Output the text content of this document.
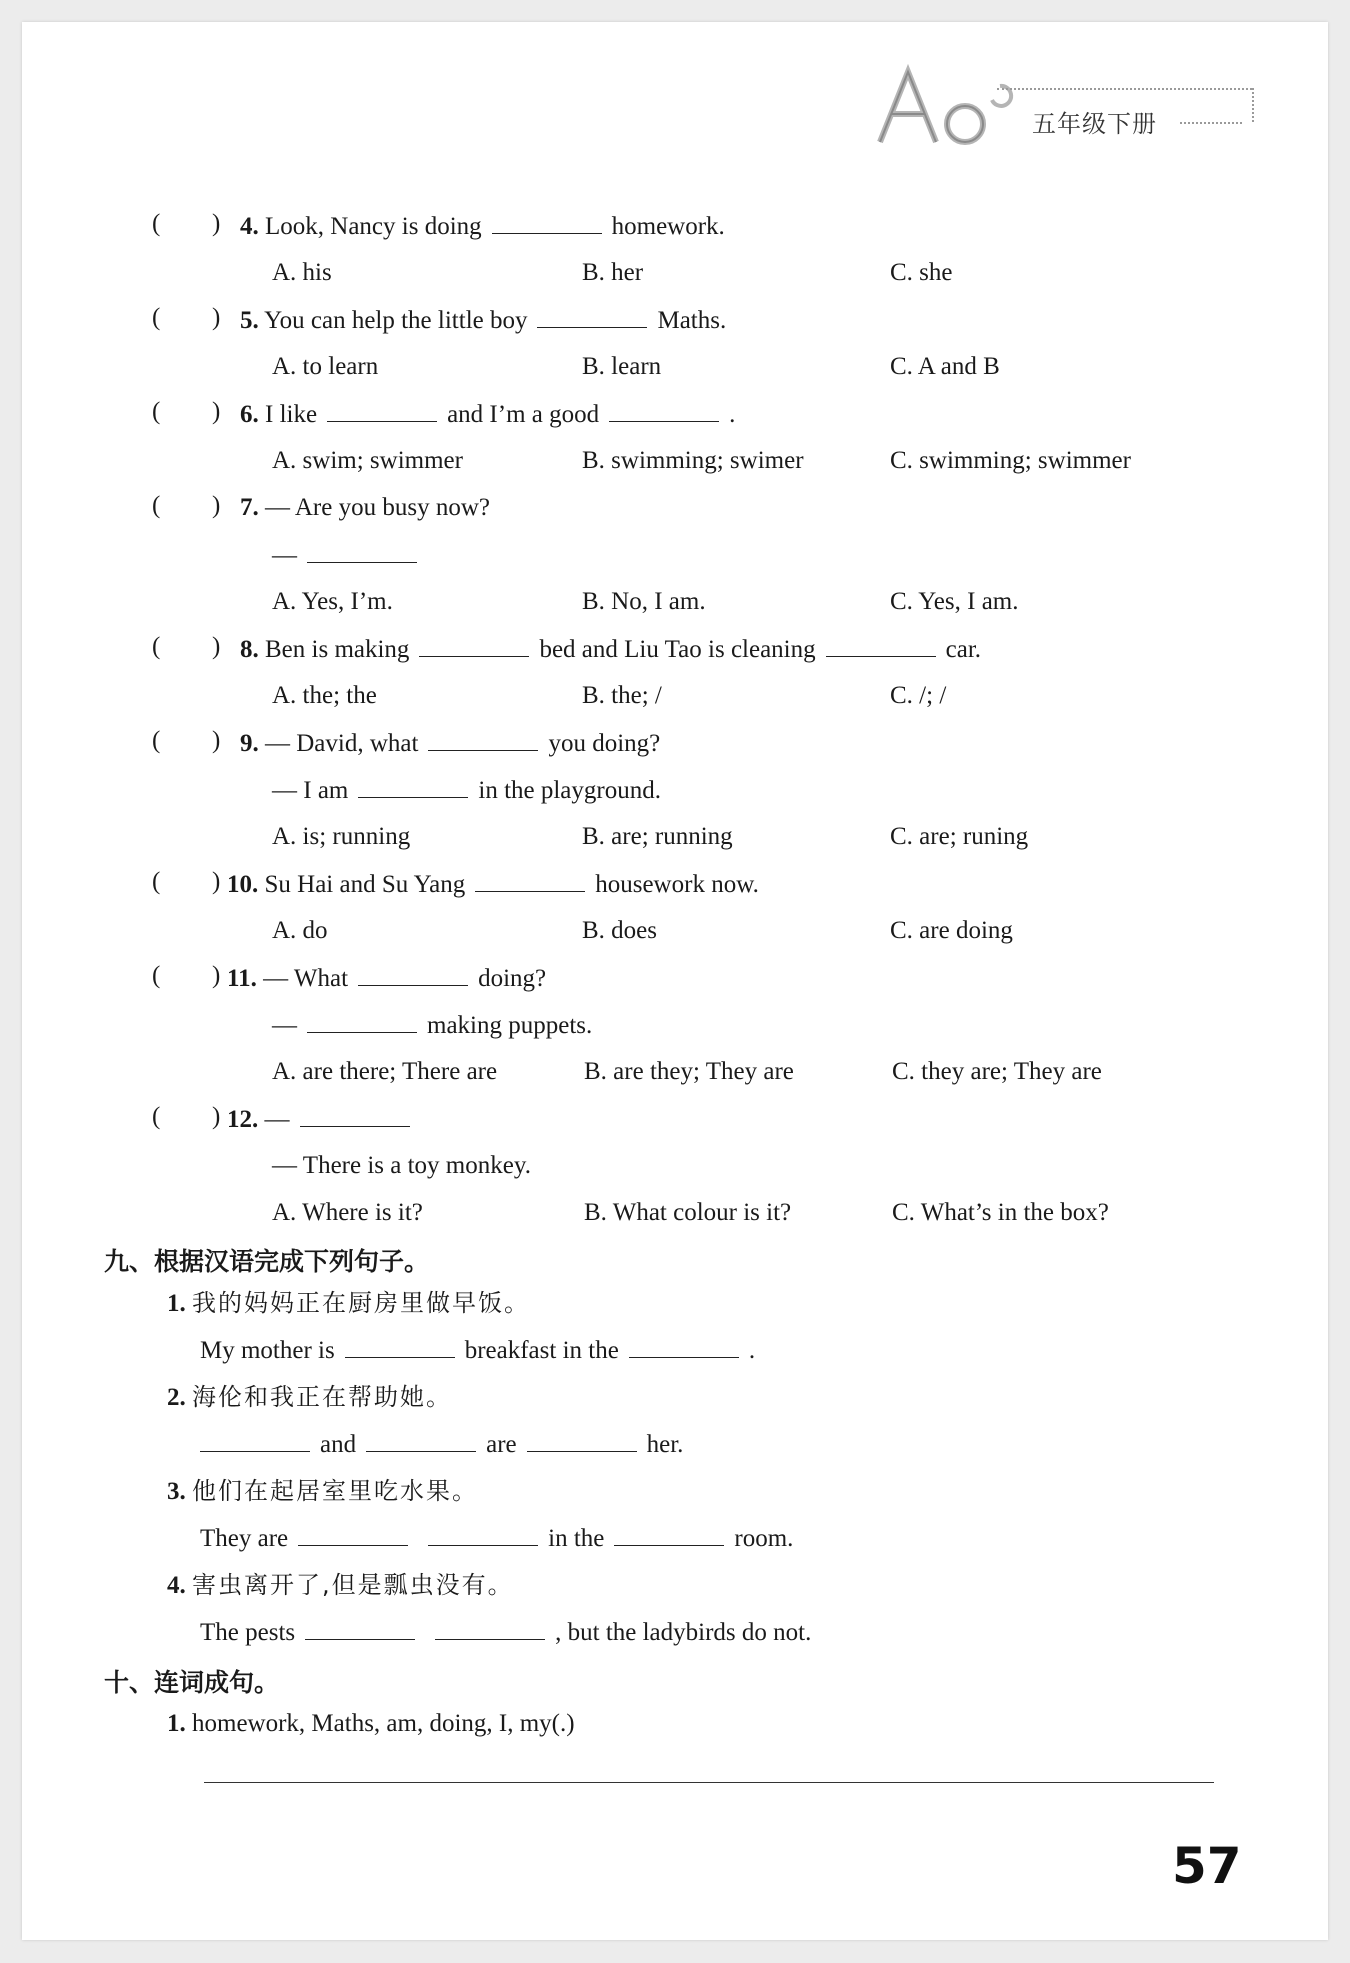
五年级下册
( ) 4. Look, Nancy is doing	homework.
A. his	B. her	C. she
( ) 5. You can help the little boy	Maths.
A. to learn	B. learn	C. A and B
( ) 6. I like	and I’m a good	.
A. swim; swimmer	B. swimming; swimer	C. swimming; swimmer
( ) 7. — Are you busy now?
—
A. Yes, I’m.	B. No, I am.	C. Yes, I am.
( ) 8. Ben is making	bed and Liu Tao is cleaning	car.
A. the; the	B. the; /	C. /; /
( ) 9. — David, what	you doing?
— I am	in the playground.
A. is; running	B. are; running	C. are; runing
( ) 10. Su Hai and Su Yang	housework now.
A. do	B. does	C. are doing
( ) 11. — What	doing?
—	making puppets.
A. are there; There are	B. are they; They are	C. they are; They are
( ) 12. —
— There is a toy monkey.
A. Where is it?	B. What colour is it?	C. What’s in the box?
九、根据汉语完成下列句子。
1. 我的妈妈正在厨房里做早饭。
My mother is	breakfast in the	.
2. 海伦和我正在帮助她。
and	are	her.
3. 他们在起居室里吃水果。
They are	in the	room.
4. 害虫离开了,但是瓢虫没有。
The pests	, but the ladybirds do not.
十、连词成句。
1. homework, Maths, am, doing, I, my(.)
57
